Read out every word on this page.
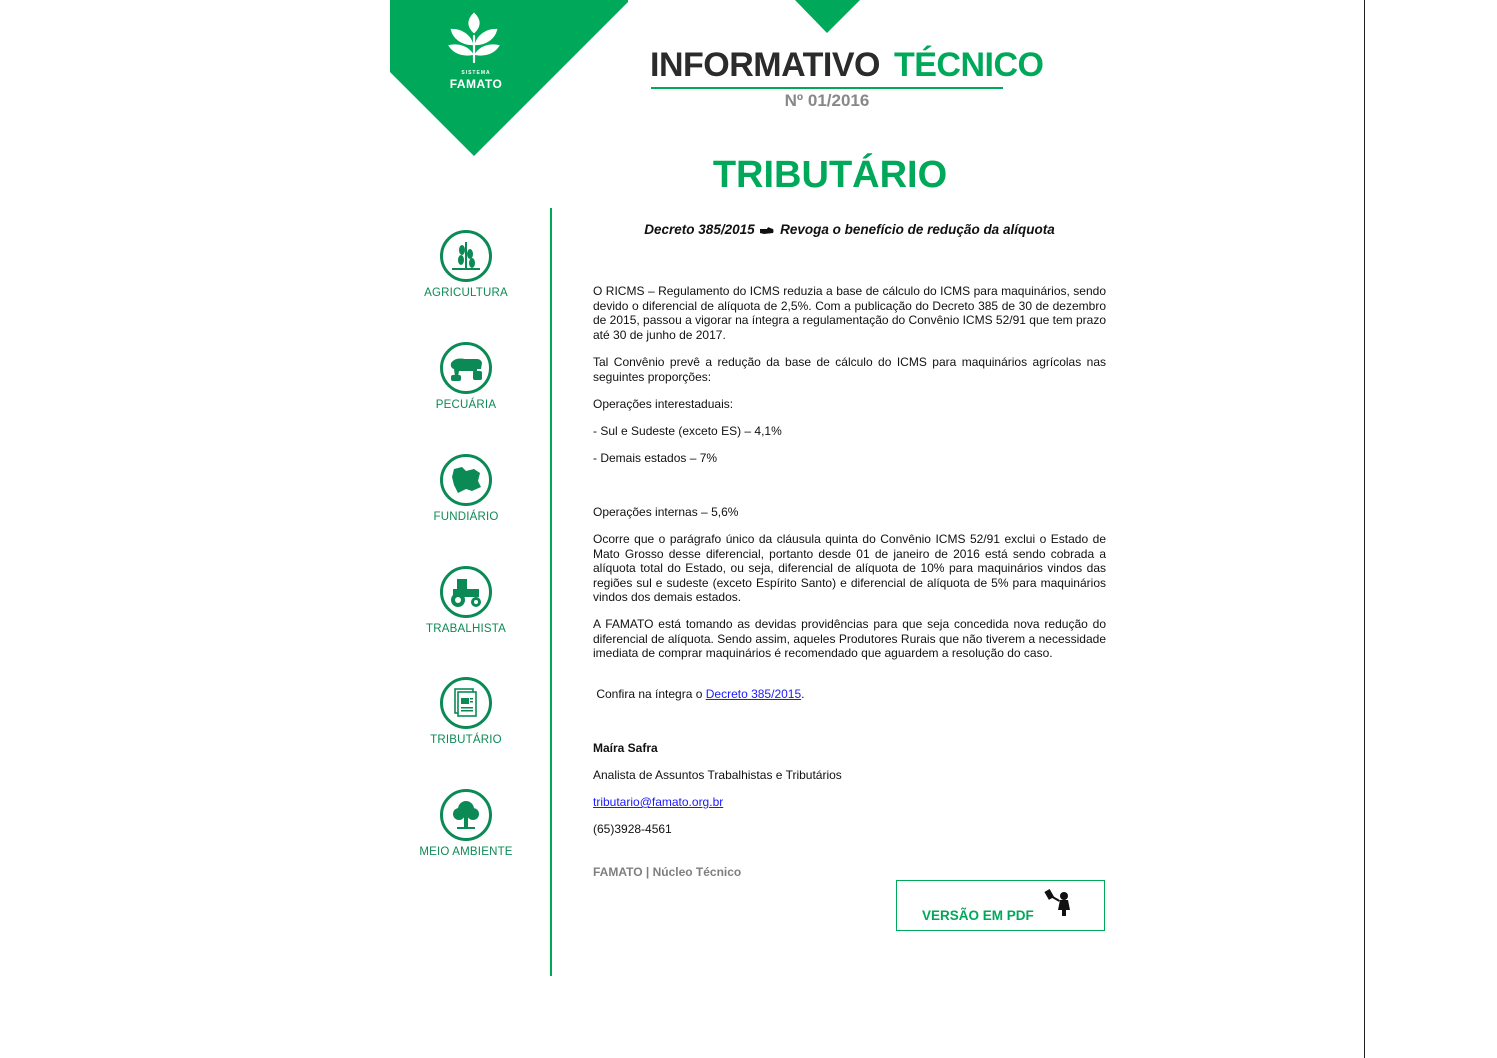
SISTEMA
FAMATO	INFORMATIVO TÉCNICO
Nº 01/2016
TRIBUTÁRIO
AGRICULTURA
PECUÁRIA
FUNDIÁRIO
TRABALHISTA
TRIBUTÁRIO
MEIO AMBIENTE
Decreto 385/2015 Revoga o benefício de redução da alíquota
O RICMS – Regulamento do ICMS reduzia a base de cálculo do ICMS para maquinários, sendo devido o diferencial de alíquota de 2,5%. Com a publicação do Decreto 385 de 30 de dezembro de 2015, passou a vigorar na íntegra a regulamentação do Convênio ICMS 52/91 que tem prazo até 30 de junho de 2017.
Tal Convênio prevê a redução da base de cálculo do ICMS para maquinários agrícolas nas seguintes proporções:
Operações interestaduais:
- Sul e Sudeste (exceto ES) – 4,1%
- Demais estados – 7%
Operações internas – 5,6%
Ocorre que o parágrafo único da cláusula quinta do Convênio ICMS 52/91 exclui o Estado de Mato Grosso desse diferencial, portanto desde 01 de janeiro de 2016 está sendo cobrada a alíquota total do Estado, ou seja, diferencial de alíquota de 10% para maquinários vindos das regiões sul e sudeste (exceto Espírito Santo) e diferencial de alíquota de 5% para maquinários vindos dos demais estados.
A FAMATO está tomando as devidas providências para que seja concedida nova redução do diferencial de alíquota. Sendo assim, aqueles Produtores Rurais que não tiverem a necessidade imediata de comprar maquinários é recomendado que aguardem a resolução do caso.
Confira na íntegra o Decreto 385/2015.
Maíra Safra
Analista de Assuntos Trabalhistas e Tributários
tributario@famato.org.br
(65)3928-4561
FAMATO | Núcleo Técnico
VERSÃO EM PDF
